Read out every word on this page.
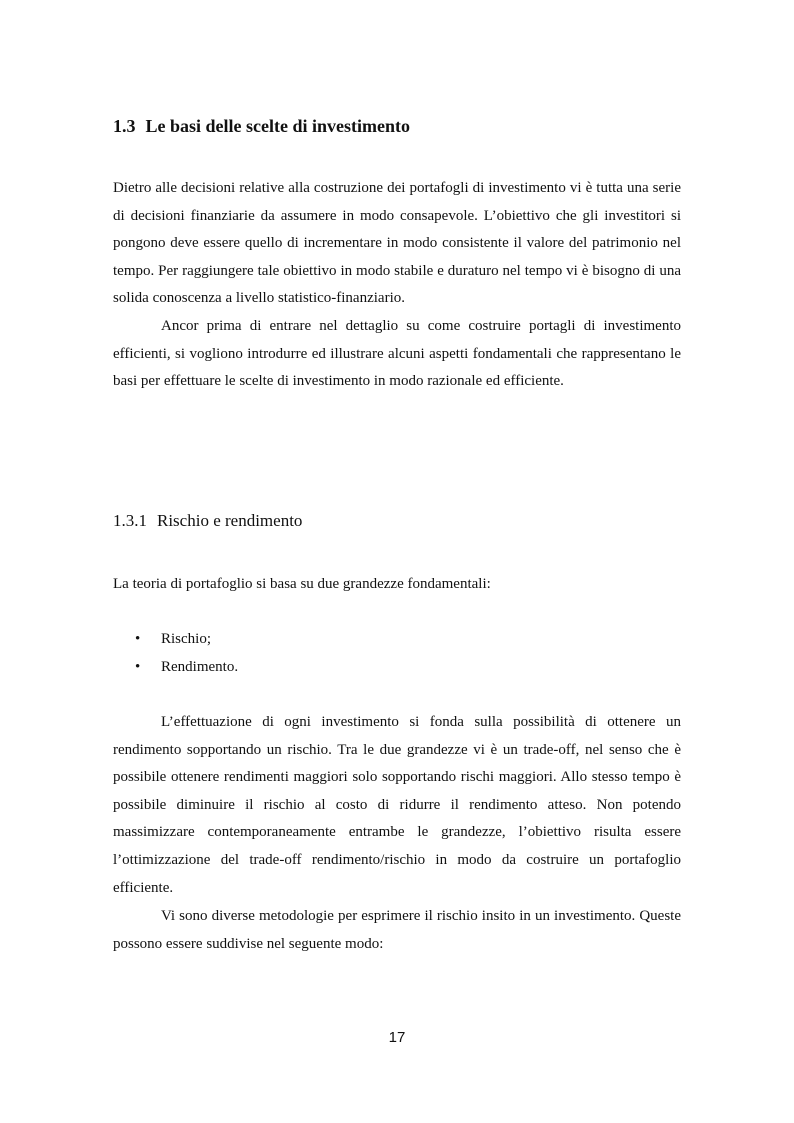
1.3 Le basi delle scelte di investimento

Dietro alle decisioni relative alla costruzione dei portafogli di investimento vi è tutta una serie di decisioni finanziarie da assumere in modo consapevole. L’obiettivo che gli investitori si pongono deve essere quello di incrementare in modo consistente il valore del patrimonio nel tempo. Per raggiungere tale obiettivo in modo stabile e duraturo nel tempo vi è bisogno di una solida conoscenza a livello statistico-finanziario.

Ancor prima di entrare nel dettaglio su come costruire portagli di investimento efficienti, si vogliono introdurre ed illustrare alcuni aspetti fondamentali che rappresentano le basi per effettuare le scelte di investimento in modo razionale ed efficiente.

1.3.1 Rischio e rendimento

La teoria di portafoglio si basa su due grandezze fondamentali:

• Rischio;
• Rendimento.

L’effettuazione di ogni investimento si fonda sulla possibilità di ottenere un rendimento sopportando un rischio. Tra le due grandezze vi è un trade-off, nel senso che è possibile ottenere rendimenti maggiori solo sopportando rischi maggiori. Allo stesso tempo è possibile diminuire il rischio al costo di ridurre il rendimento atteso. Non potendo massimizzare contemporaneamente entrambe le grandezze, l’obiettivo risulta essere l’ottimizzazione del trade-off rendimento/rischio in modo da costruire un portafoglio efficiente.

Vi sono diverse metodologie per esprimere il rischio insito in un investimento. Queste possono essere suddivise nel seguente modo:

17
